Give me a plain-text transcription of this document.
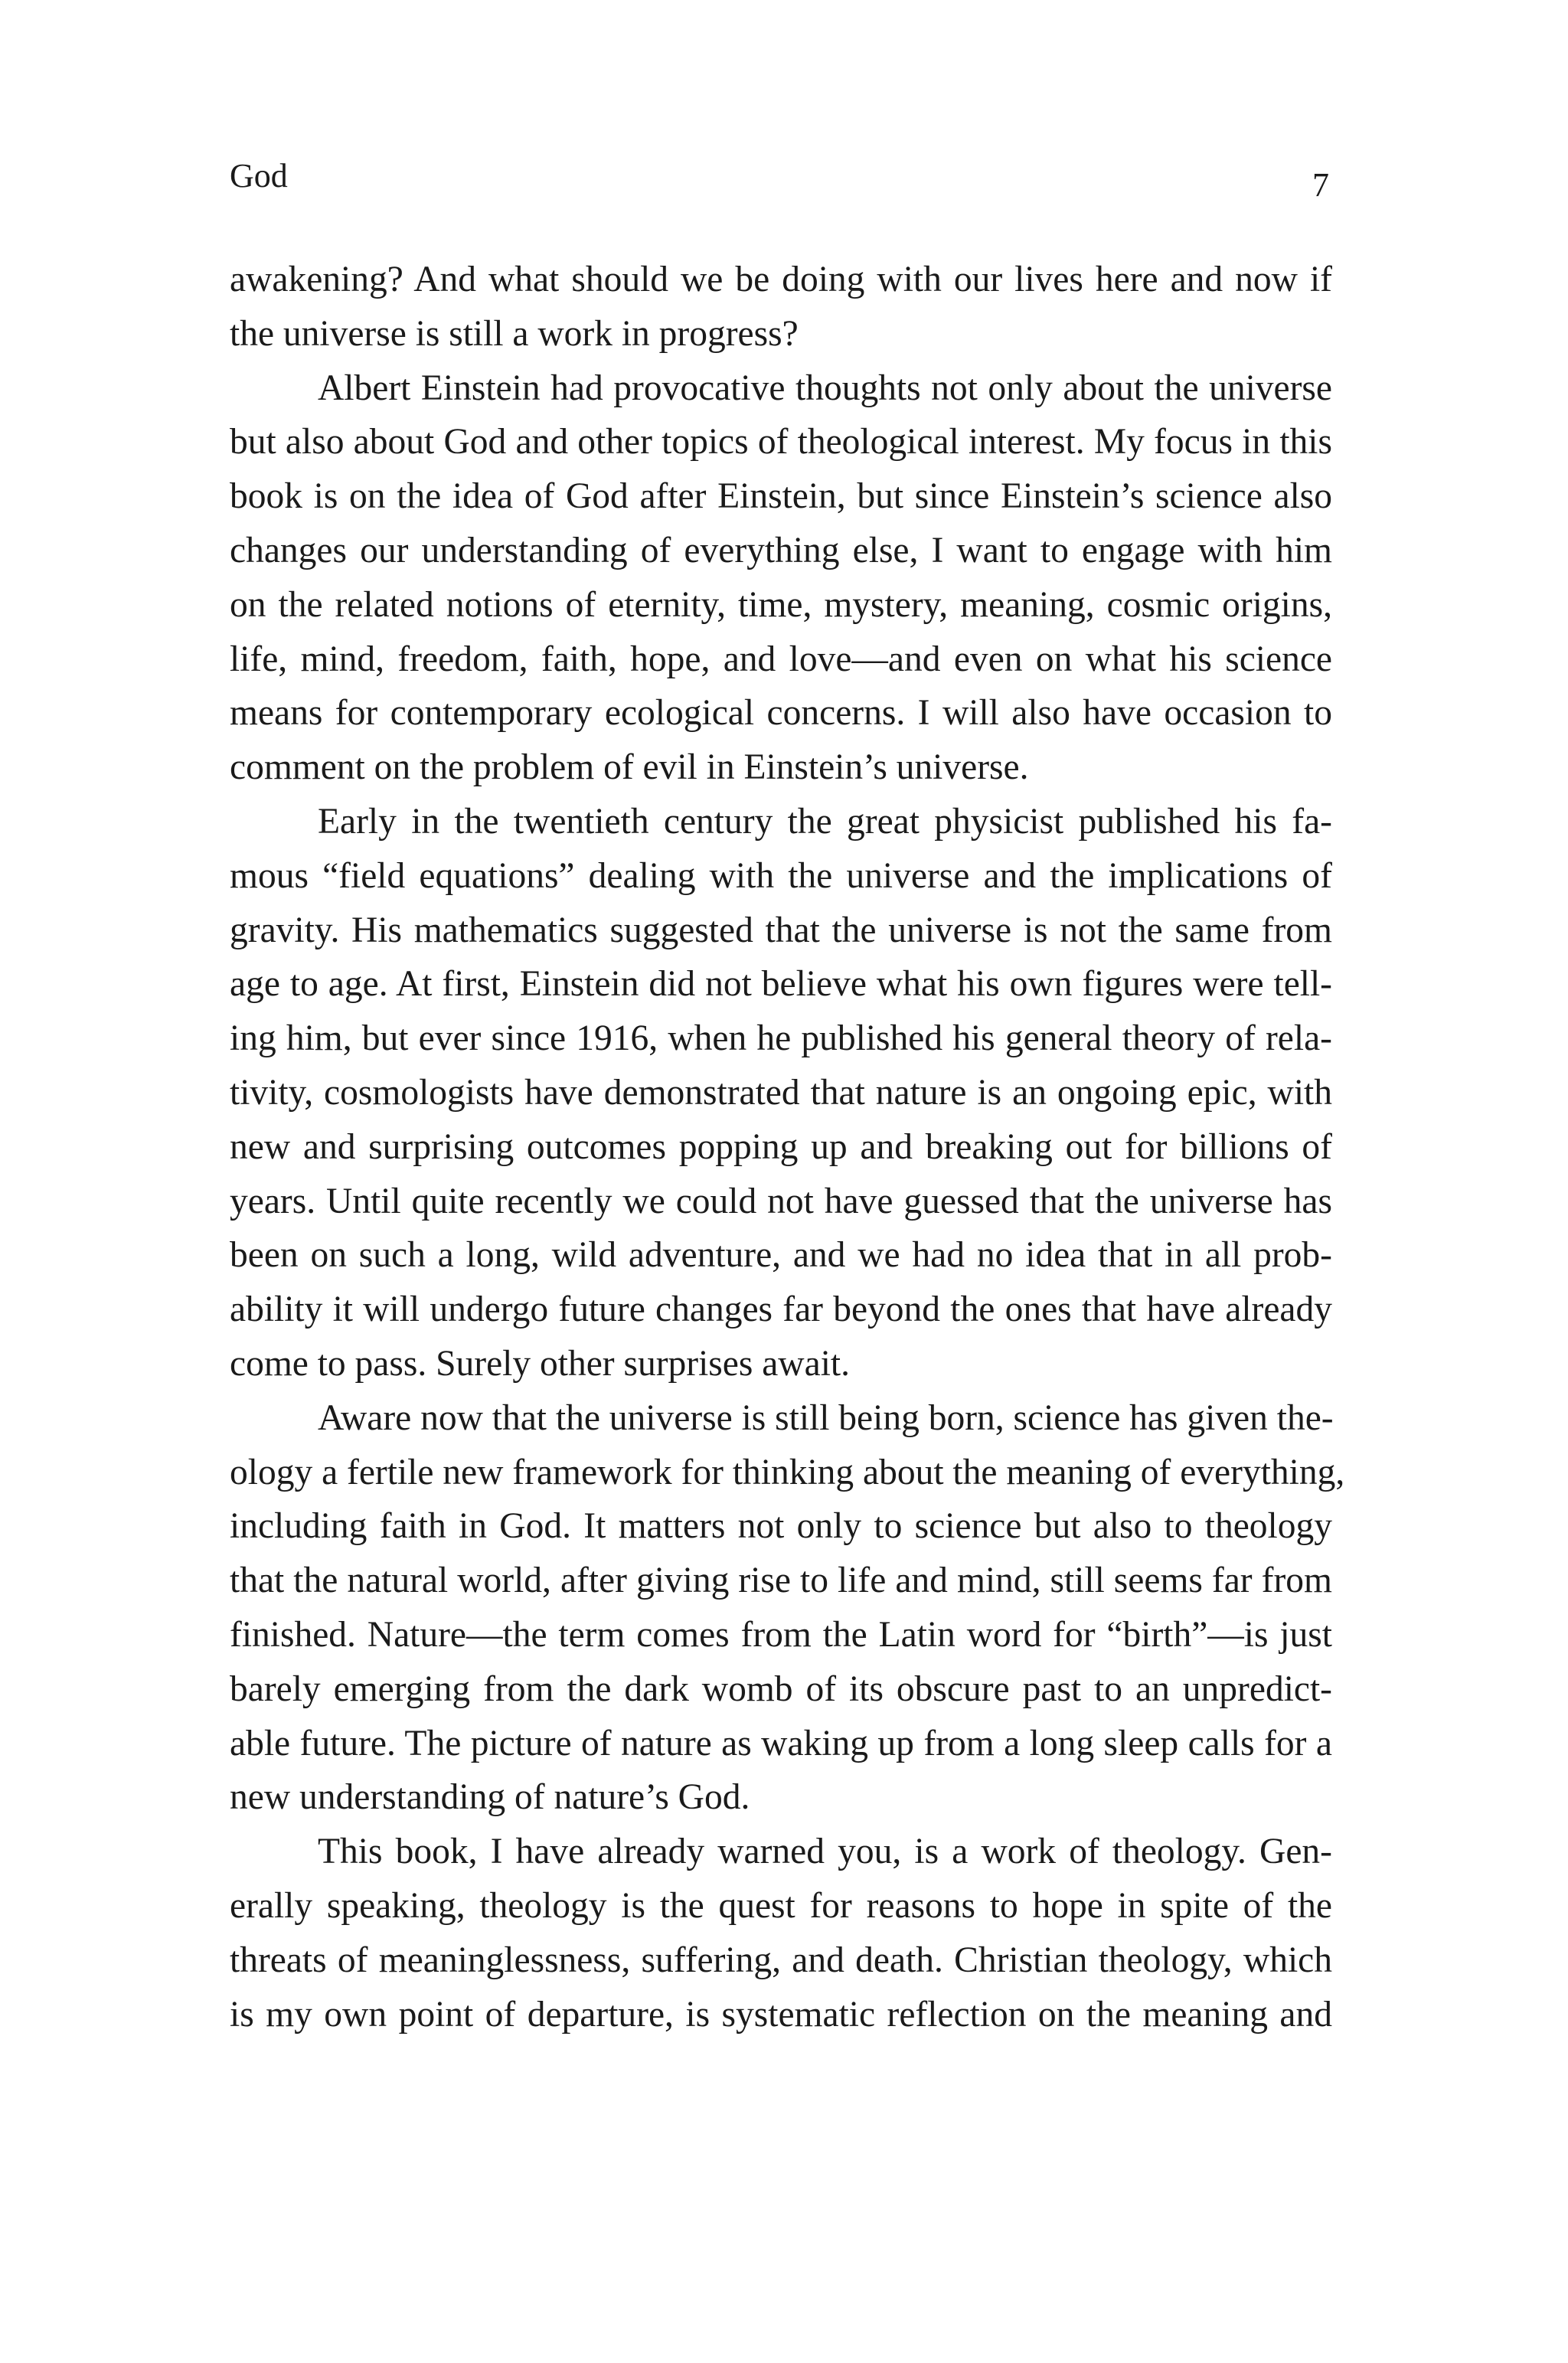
God	7
awakening? And what should we be doing with our lives here and now if
the universe is still a work in progress?
Albert Einstein had provocative thoughts not only about the universe
but also about God and other topics of theological interest. My focus in this
book is on the idea of God after Einstein, but since Einstein’s science also
changes our understanding of everything else, I want to engage with him
on the related notions of eternity, time, mystery, meaning, cosmic origins,
life, mind, freedom, faith, hope, and love—and even on what his science
means for contemporary ecological concerns. I will also have occasion to
comment on the problem of evil in Einstein’s universe.
Early in the twentieth century the great physicist published his fa-
mous “field equations” dealing with the universe and the implications of
gravity. His mathematics suggested that the universe is not the same from
age to age. At first, Einstein did not believe what his own figures were tell-
ing him, but ever since 1916, when he published his general theory of rela-
tivity, cosmologists have demonstrated that nature is an ongoing epic, with
new and surprising outcomes popping up and breaking out for billions of
years. Until quite recently we could not have guessed that the universe has
been on such a long, wild adventure, and we had no idea that in all prob-
ability it will undergo future changes far beyond the ones that have already
come to pass. Surely other surprises await.
Aware now that the universe is still being born, science has given the-
ology a fertile new framework for thinking about the meaning of everything,
including faith in God. It matters not only to science but also to theology
that the natural world, after giving rise to life and mind, still seems far from
finished. Nature—the term comes from the Latin word for “birth”—is just
barely emerging from the dark womb of its obscure past to an unpredict-
able future. The picture of nature as waking up from a long sleep calls for a
new understanding of nature’s God.
This book, I have already warned you, is a work of theology. Gen-
erally speaking, theology is the quest for reasons to hope in spite of the
threats of meaninglessness, suffering, and death. Christian theology, which
is my own point of departure, is systematic reflection on the meaning and
